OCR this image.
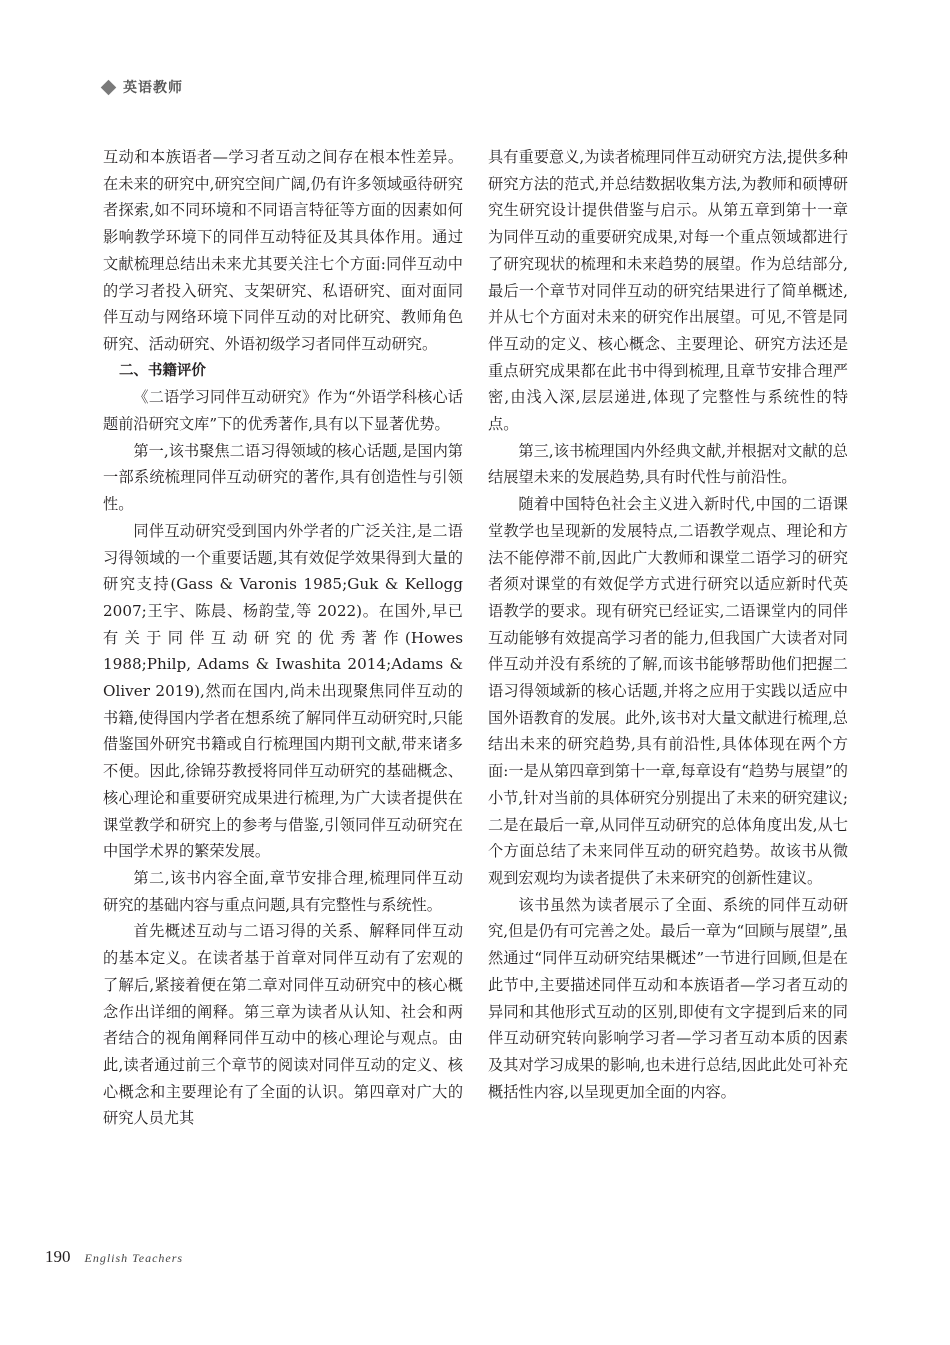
英语教师

互动和本族语者—学习者互动之间存在根本性差异。在未来的研究中,研究空间广阔,仍有许多领域亟待研究者探索,如不同环境和不同语言特征等方面的因素如何影响教学环境下的同伴互动特征及其具体作用。通过文献梳理总结出未来尤其要关注七个方面:同伴互动中的学习者投入研究、支架研究、私语研究、面对面同伴互动与网络环境下同伴互动的对比研究、教师角色研究、活动研究、外语初级学习者同伴互动研究。

二、书籍评价

《二语学习同伴互动研究》作为“外语学科核心话题前沿研究文库”下的优秀著作,具有以下显著优势。

第一,该书聚焦二语习得领域的核心话题,是国内第一部系统梳理同伴互动研究的著作,具有创造性与引领性。

同伴互动研究受到国内外学者的广泛关注,是二语习得领域的一个重要话题,其有效促学效果得到大量的研究支持(Gass & Varonis 1985;Guk & Kellogg 2007;王宇、陈晨、杨韵莹,等 2022)。在国外,早已有关于同伴互动研究的优秀著作(Howes 1988;Philp, Adams & Iwashita 2014;Adams & Oliver 2019),然而在国内,尚未出现聚焦同伴互动的书籍,使得国内学者在想系统了解同伴互动研究时,只能借鉴国外研究书籍或自行梳理国内期刊文献,带来诸多不便。因此,徐锦芬教授将同伴互动研究的基础概念、核心理论和重要研究成果进行梳理,为广大读者提供在课堂教学和研究上的参考与借鉴,引领同伴互动研究在中国学术界的繁荣发展。

第二,该书内容全面,章节安排合理,梳理同伴互动研究的基础内容与重点问题,具有完整性与系统性。

首先概述互动与二语习得的关系、解释同伴互动的基本定义。在读者基于首章对同伴互动有了宏观的了解后,紧接着便在第二章对同伴互动研究中的核心概念作出详细的阐释。第三章为读者从认知、社会和两者结合的视角阐释同伴互动中的核心理论与观点。由此,读者通过前三个章节的阅读对同伴互动的定义、核心概念和主要理论有了全面的认识。第四章对广大的研究人员尤其

具有重要意义,为读者梳理同伴互动研究方法,提供多种研究方法的范式,并总结数据收集方法,为教师和硕博研究生研究设计提供借鉴与启示。从第五章到第十一章为同伴互动的重要研究成果,对每一个重点领域都进行了研究现状的梳理和未来趋势的展望。作为总结部分,最后一个章节对同伴互动的研究结果进行了简单概述,并从七个方面对未来的研究作出展望。可见,不管是同伴互动的定义、核心概念、主要理论、研究方法还是重点研究成果都在此书中得到梳理,且章节安排合理严密,由浅入深,层层递进,体现了完整性与系统性的特点。

第三,该书梳理国内外经典文献,并根据对文献的总结展望未来的发展趋势,具有时代性与前沿性。

随着中国特色社会主义进入新时代,中国的二语课堂教学也呈现新的发展特点,二语教学观点、理论和方法不能停滞不前,因此广大教师和课堂二语学习的研究者须对课堂的有效促学方式进行研究以适应新时代英语教学的要求。现有研究已经证实,二语课堂内的同伴互动能够有效提高学习者的能力,但我国广大读者对同伴互动并没有系统的了解,而该书能够帮助他们把握二语习得领域新的核心话题,并将之应用于实践以适应中国外语教育的发展。此外,该书对大量文献进行梳理,总结出未来的研究趋势,具有前沿性,具体体现在两个方面:一是从第四章到第十一章,每章设有“趋势与展望”的小节,针对当前的具体研究分别提出了未来的研究建议;二是在最后一章,从同伴互动研究的总体角度出发,从七个方面总结了未来同伴互动的研究趋势。故该书从微观到宏观均为读者提供了未来研究的创新性建议。

该书虽然为读者展示了全面、系统的同伴互动研究,但是仍有可完善之处。最后一章为“回顾与展望”,虽然通过“同伴互动研究结果概述”一节进行回顾,但是在此节中,主要描述同伴互动和本族语者—学习者互动的异同和其他形式互动的区别,即使有文字提到后来的同伴互动研究转向影响学习者—学习者互动本质的因素及其对学习成果的影响,也未进行总结,因此此处可补充概括性内容,以呈现更加全面的内容。

190 English Teachers
